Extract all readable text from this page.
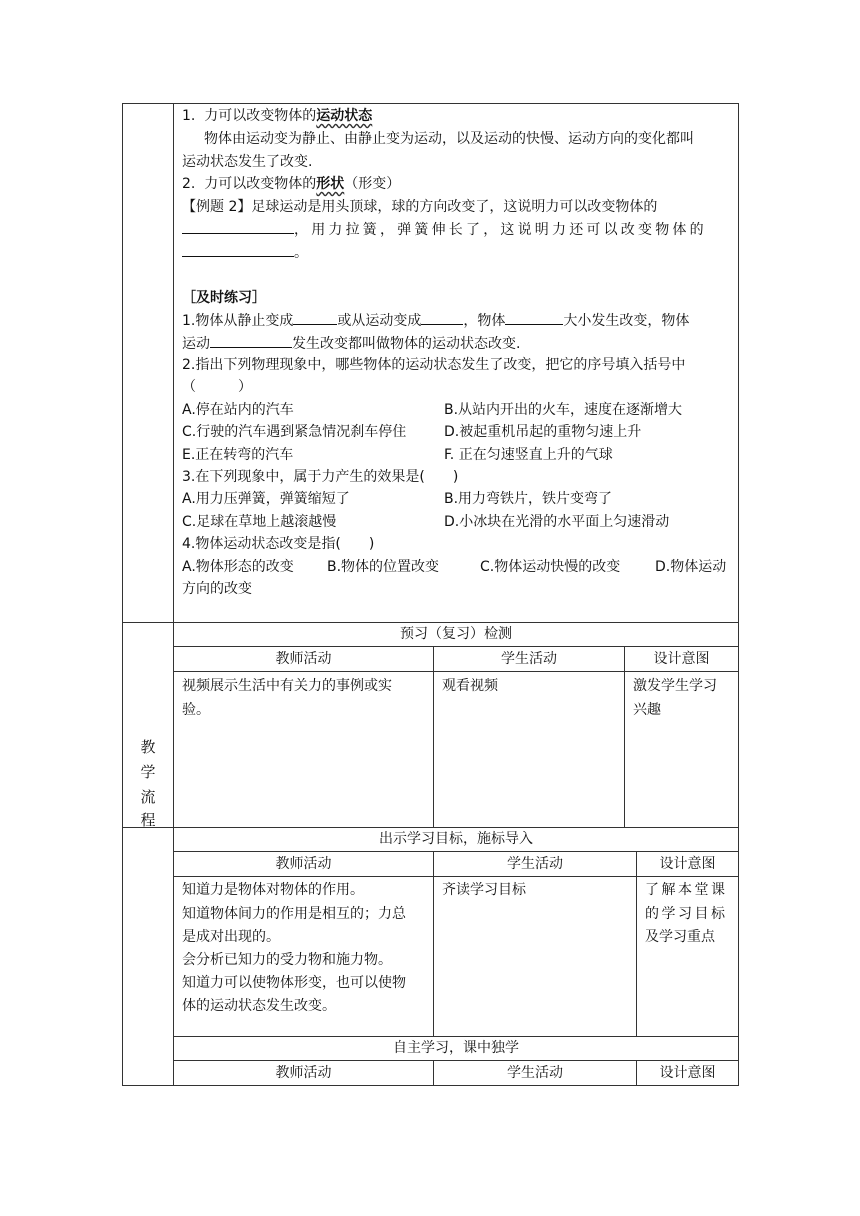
1. 力可以改变物体的运动状态
物体由运动变为静止、由静止变为运动，以及运动的快慢、运动方向的变化都叫
运动状态发生了改变.
2. 力可以改变物体的形状（形变）
【例题 2】足球运动是用头顶球，球的方向改变了，这说明力可以改变物体的
，用力拉簧，弹簧伸长了，这说明力还可以改变物体的
。
［及时练习］
1.物体从静止变成	或从运动变成	，物体	大小发生改变，物体
运动	发生改变都叫做物体的运动状态改变.
2.指出下列物理现象中，哪些物体的运动状态发生了改变，把它的序号填入括号中
（　　　）
A.停在站内的汽车	B.从站内开出的火车，速度在逐渐增大
C.行驶的汽车遇到紧急情况刹车停住	D.被起重机吊起的重物匀速上升
E.正在转弯的汽车	F. 正在匀速竖直上升的气球
3.在下列现象中，属于力产生的效果是(　　)
A.用力压弹簧，弹簧缩短了	B.用力弯铁片，铁片变弯了
C.足球在草地上越滚越慢	D.小冰块在光滑的水平面上匀速滑动
4.物体运动状态改变是指(　　)
A.物体形态的改变 B.物体的位置改变	C.物体运动快慢的改变 D.物体运动
方向的改变
教
学
流
程
预习（复习）检测
教师活动	学生活动	设计意图
视频展示生活中有关力的事例或实
验。
观看视频	激发学生学习
兴趣
出示学习目标，施标导入
教师活动	学生活动	设计意图
知道力是物体对物体的作用。
知道物体间力的作用是相互的；力总
是成对出现的。
会分析已知力的受力物和施力物。
知道力可以使物体形变，也可以使物
体的运动状态发生改变。
齐读学习目标	了解本堂课
的学习目标
及学习重点
自主学习，课中独学
教师活动	学生活动	设计意图
